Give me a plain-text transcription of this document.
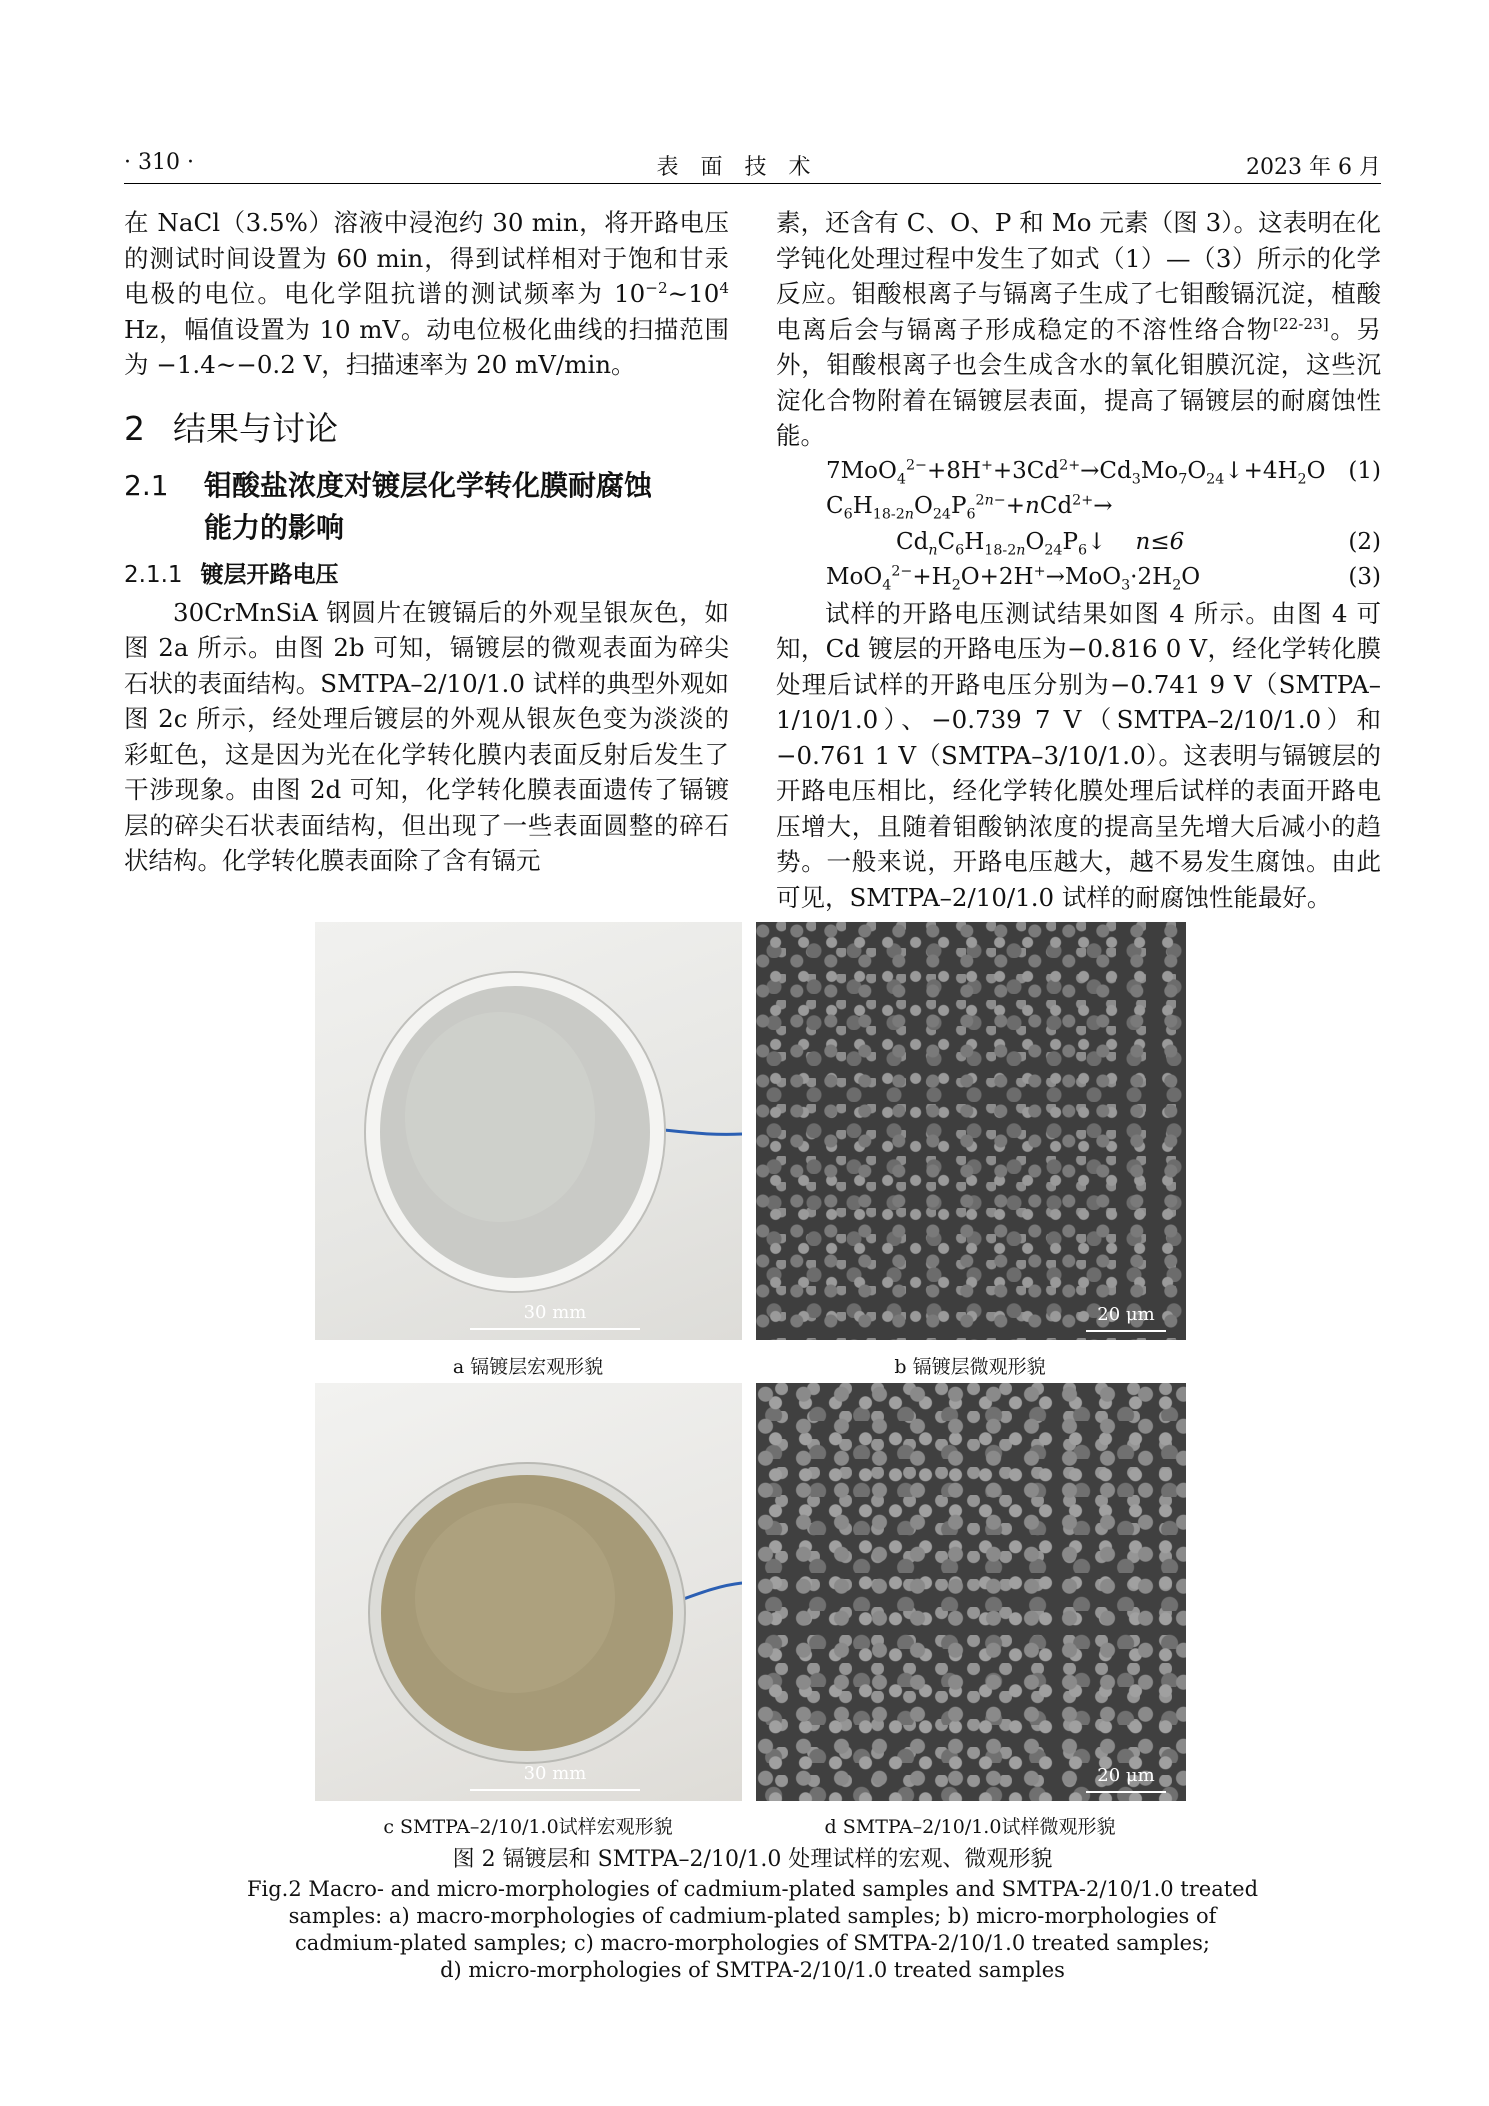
· 310 ·	表面技术	2023 年 6 月

在 NaCl（3.5%）溶液中浸泡约 30 min，将开路电压的测试时间设置为 60 min，得到试样相对于饱和甘汞电极的电位。电化学阻抗谱的测试频率为 $10^{-2}\sim 10^4$ Hz，幅值设置为 10 mV。动电位极化曲线的扫描范围为 −1.4~−0.2 V，扫描速率为 20 mV/min。

2 结果与讨论
2.1 钼酸盐浓度对镀层化学转化膜耐腐蚀
能力的影响
2.1.1 镀层开路电压

30CrMnSiA 钢圆片在镀镉后的外观呈银灰色，如图 2a 所示。由图 2b 可知，镉镀层的微观表面为碎尖石状的表面结构。SMTPA–2/10/1.0 试样的典型外观如图 2c 所示，经处理后镀层的外观从银灰色变为淡淡的彩虹色，这是因为光在化学转化膜内表面反射后发生了干涉现象。由图 2d 可知，化学转化膜表面遗传了镉镀层的碎尖石状表面结构，但出现了一些表面圆整的碎石状结构。化学转化膜表面除了含有镉元

素，还含有 C、O、P 和 Mo 元素（图 3）。这表明在化学钝化处理过程中发生了如式（1）—（3）所示的化学反应。钼酸根离子与镉离子生成了七钼酸镉沉淀，植酸电离后会与镉离子形成稳定的不溶性络合物[22-23]。另外，钼酸根离子也会生成含水的氧化钼膜沉淀，这些沉淀化合物附着在镉镀层表面，提高了镉镀层的耐腐蚀性能。

$7MoO_4^{2-}+8H^++3Cd^{2+}\to Cd_3Mo_7O_{24}↓+4H_2O$ (1)
$C_6H_{18-2n}O_{24}P_6^{2n-}+nCd^{2+}\to$
$Cd_nC_6H_{18-2n}O_{24}P_6↓$    n≤6	(2)
$MoO_4^{2-}+H_2O+2H^+\to MoO_3\cdot 2H_2O$	(3)

试样的开路电压测试结果如图 4 所示。由图 4 可知，Cd 镀层的开路电压为−0.816 0 V，经化学转化膜处理后试样的开路电压分别为−0.741 9 V（SMTPA–1/10/1.0）、−0.739 7 V（SMTPA–2/10/1.0）和−0.761 1 V（SMTPA–3/10/1.0）。这表明与镉镀层的开路电压相比，经化学转化膜处理后试样的表面开路电压增大，且随着钼酸钠浓度的提高呈先增大后减小的趋势。一般来说，开路电压越大，越不易发生腐蚀。由此可见，SMTPA–2/10/1.0 试样的耐腐蚀性能最好。

30 mm	20 μm
a 镉镀层宏观形貌	b 镉镀层微观形貌
30 mm	20 μm
c SMTPA–2/10/1.0试样宏观形貌	d SMTPA–2/10/1.0试样微观形貌
图 2 镉镀层和 SMTPA–2/10/1.0 处理试样的宏观、微观形貌
Fig.2 Macro- and micro-morphologies of cadmium-plated samples and SMTPA-2/10/1.0 treated
samples: a) macro-morphologies of cadmium-plated samples; b) micro-morphologies of
cadmium-plated samples; c) macro-morphologies of SMTPA-2/10/1.0 treated samples;
d) micro-morphologies of SMTPA-2/10/1.0 treated samples
